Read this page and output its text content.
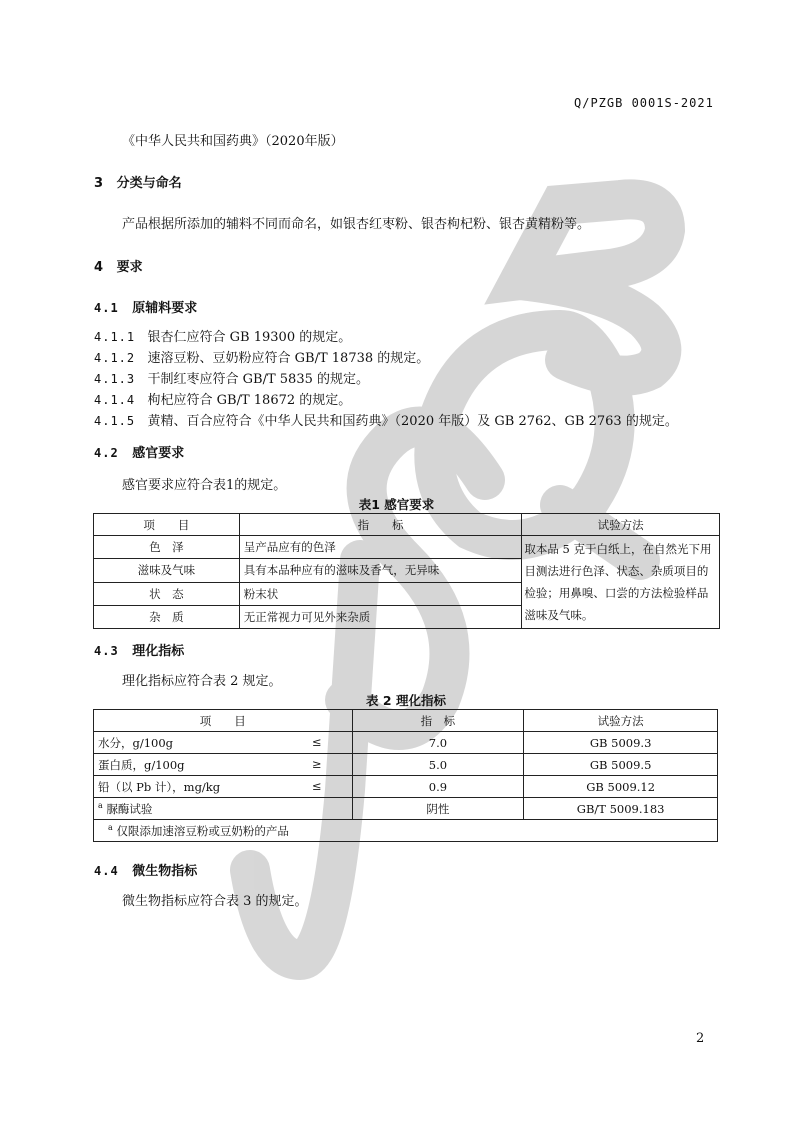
Q/PZGB 0001S-2021
《中华人民共和国药典》（2020年版）
3 分类与命名
产品根据所添加的辅料不同而命名，如银杏红枣粉、银杏枸杞粉、银杏黄精粉等。
4 要求
4.1 原辅料要求
4.1.1 银杏仁应符合 GB 19300 的规定。
4.1.2 速溶豆粉、豆奶粉应符合 GB/T 18738 的规定。
4.1.3 干制红枣应符合 GB/T 5835 的规定。
4.1.4 枸杞应符合 GB/T 18672 的规定。
4.1.5 黄精、百合应符合《中华人民共和国药典》（2020 年版）及 GB 2762、GB 2763 的规定。
4.2 感官要求
感官要求应符合表1的规定。
表1 感官要求
项　　目	指　　标	试验方法
色　泽	呈产品应有的色泽	取本品 5 克于白纸上，在自然光下用目测法进行色泽、状态、杂质项目的检验；用鼻嗅、口尝的方法检验样品滋味及气味。
滋味及气味	具有本品种应有的滋味及香气，无异味	
状　态	粉末状	
杂　质	无正常视力可见外来杂质	
4.3 理化指标
理化指标应符合表 2 规定。
表 2 理化指标
项　　目	指　标	试验方法
水分，g/100g ≤	7.0	GB 5009.3
蛋白质，g/100g ≥	5.0	GB 5009.5
铅（以 Pb 计），mg/kg ≤	0.9	GB 5009.12
$^a$ 脲酶试验	阴性	GB/T 5009.183
$^a$ 仅限添加速溶豆粉或豆奶粉的产品		
4.4 微生物指标
微生物指标应符合表 3 的规定。
2
